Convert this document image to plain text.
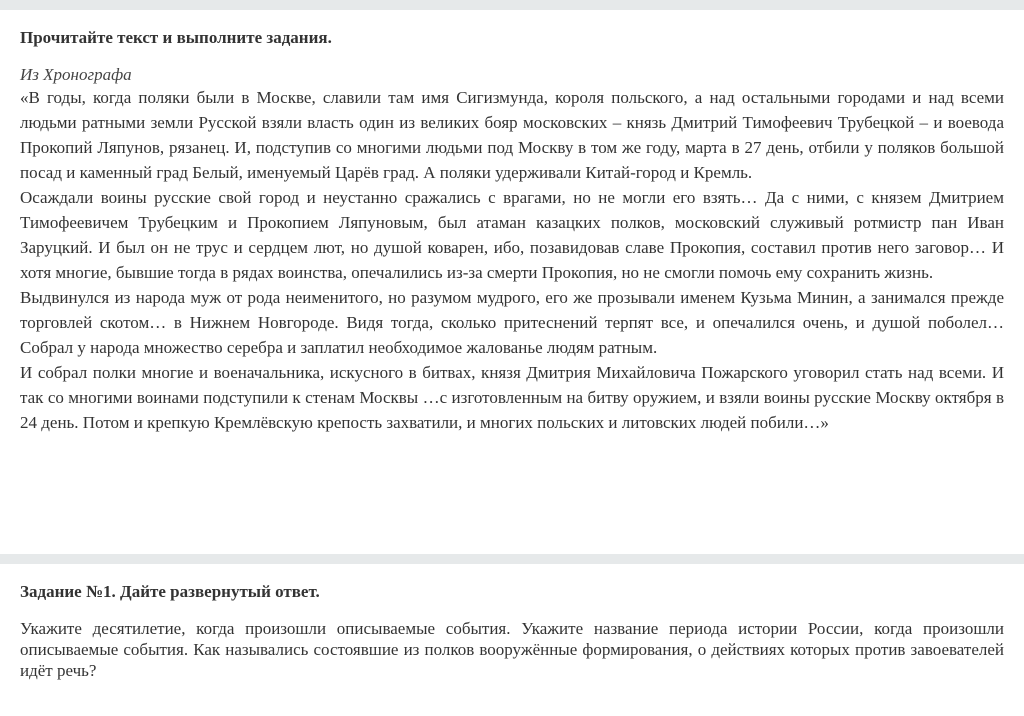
Прочитайте текст и выполните задания.

Из Хронографа

«В годы, когда поляки были в Москве, славили там имя Сигизмунда, короля польского, а над остальными городами и над всеми людьми ратными земли Русской взяли власть один из великих бояр московских – князь Дмитрий Тимофеевич Трубецкой – и воевода Прокопий Ляпунов, рязанец. И, подступив со многими людьми под Москву в том же году, марта в 27 день, отбили у поляков большой посад и каменный град Белый, именуемый Царёв град. А поляки удерживали Китай-город и Кремль.

Осаждали воины русские свой город и неустанно сражались с врагами, но не могли его взять… Да с ними, с князем Дмитрием Тимофеевичем Трубецким и Прокопием Ляпуновым, был атаман казацких полков, московский служивый ротмистр пан Иван Заруцкий. И был он не трус и сердцем лют, но душой коварен, ибо, позавидовав славе Прокопия, составил против него заговор… И хотя многие, бывшие тогда в рядах воинства, опечалились из-за смерти Прокопия, но не смогли помочь ему сохранить жизнь.

Выдвинулся из народа муж от рода неименитого, но разумом мудрого, его же прозывали именем Кузьма Минин, а занимался прежде торговлей скотом… в Нижнем Новгороде. Видя тогда, сколько притеснений терпят все, и опечалился очень, и душой поболел… Собрал у народа множество серебра и заплатил необходимое жалованье людям ратным.

И собрал полки многие и военачальника, искусного в битвах, князя Дмитрия Михайловича Пожарского уговорил стать над всеми. И так со многими воинами подступили к стенам Москвы …с изготовленным на битву оружием, и взяли воины русские Москву октября в 24 день. Потом и крепкую Кремлёвскую крепость захватили, и многих польских и литовских людей побили…»

Задание №1. Дайте развернутый ответ.

Укажите десятилетие, когда произошли описываемые события. Укажите название периода истории России, когда произошли описываемые события. Как назывались состоявшие из полков вооружённые формирования, о действиях которых против завоевателей идёт речь?
